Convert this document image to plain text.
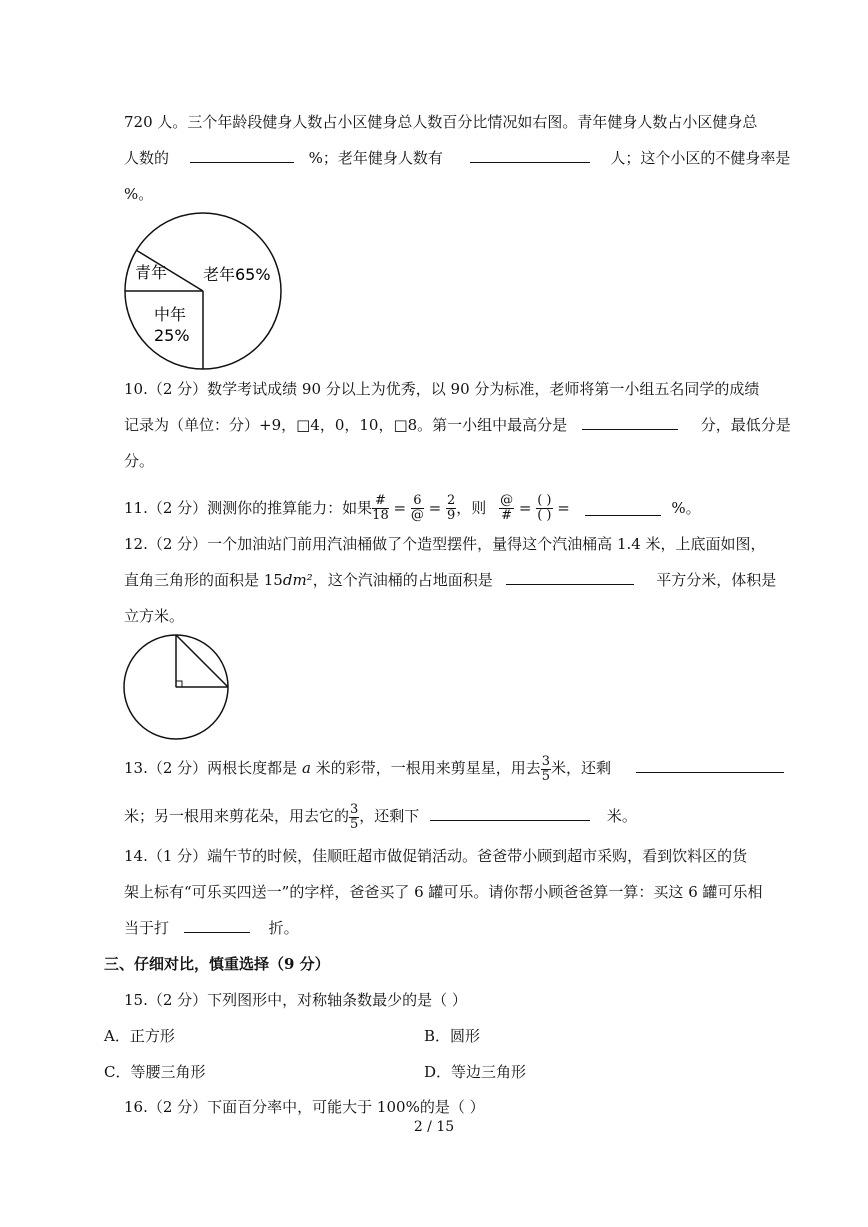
720 人。三个年龄段健身人数占小区健身总人数百分比情况如右图。青年健身人数占小区健身总
人数的	%；老年健身人数有	人；这个小区的不健身率是
%。
青年 老年65%
中年
25%
10.（2 分）数学考试成绩 90 分以上为优秀，以 90 分为标准，老师将第一小组五名同学的成绩
记录为（单位：分）+9，□4，0，10，□8。第一小组中最高分是	分，最低分是
分。
11.（2 分）测测你的推算能力：如果 $\frac{\#}{18} = \frac{6}{@} = \frac{2}{9}$ ，则 $\frac{@}{\#} = \frac{( )}{( )}$ =	%。
12.（2 分）一个加油站门前用汽油桶做了个造型摆件，量得这个汽油桶高 1.4 米，上底面如图，
直角三角形的面积是 15dm²，这个汽油桶的占地面积是	平方分米，体积是
立方米。
13.（2 分）两根长度都是 a 米的彩带，一根用来剪星星，用去 $\frac{3}{5}$ 米，还剩
米；另一根用来剪花朵，用去它的 $\frac{3}{5}$ ，还剩下	米。
14.（1 分）端午节的时候，佳顺旺超市做促销活动。爸爸带小顾到超市采购，看到饮料区的货
架上标有“可乐买四送一”的字样，爸爸买了 6 罐可乐。请你帮小顾爸爸算一算：买这 6 罐可乐相
当于打	折。
三、仔细对比，慎重选择（9 分）
15.（2 分）下列图形中，对称轴条数最少的是（ ）
A．正方形	B．圆形
C．等腰三角形	D．等边三角形
16.（2 分）下面百分率中，可能大于 100%的是（ ）
2 / 15
